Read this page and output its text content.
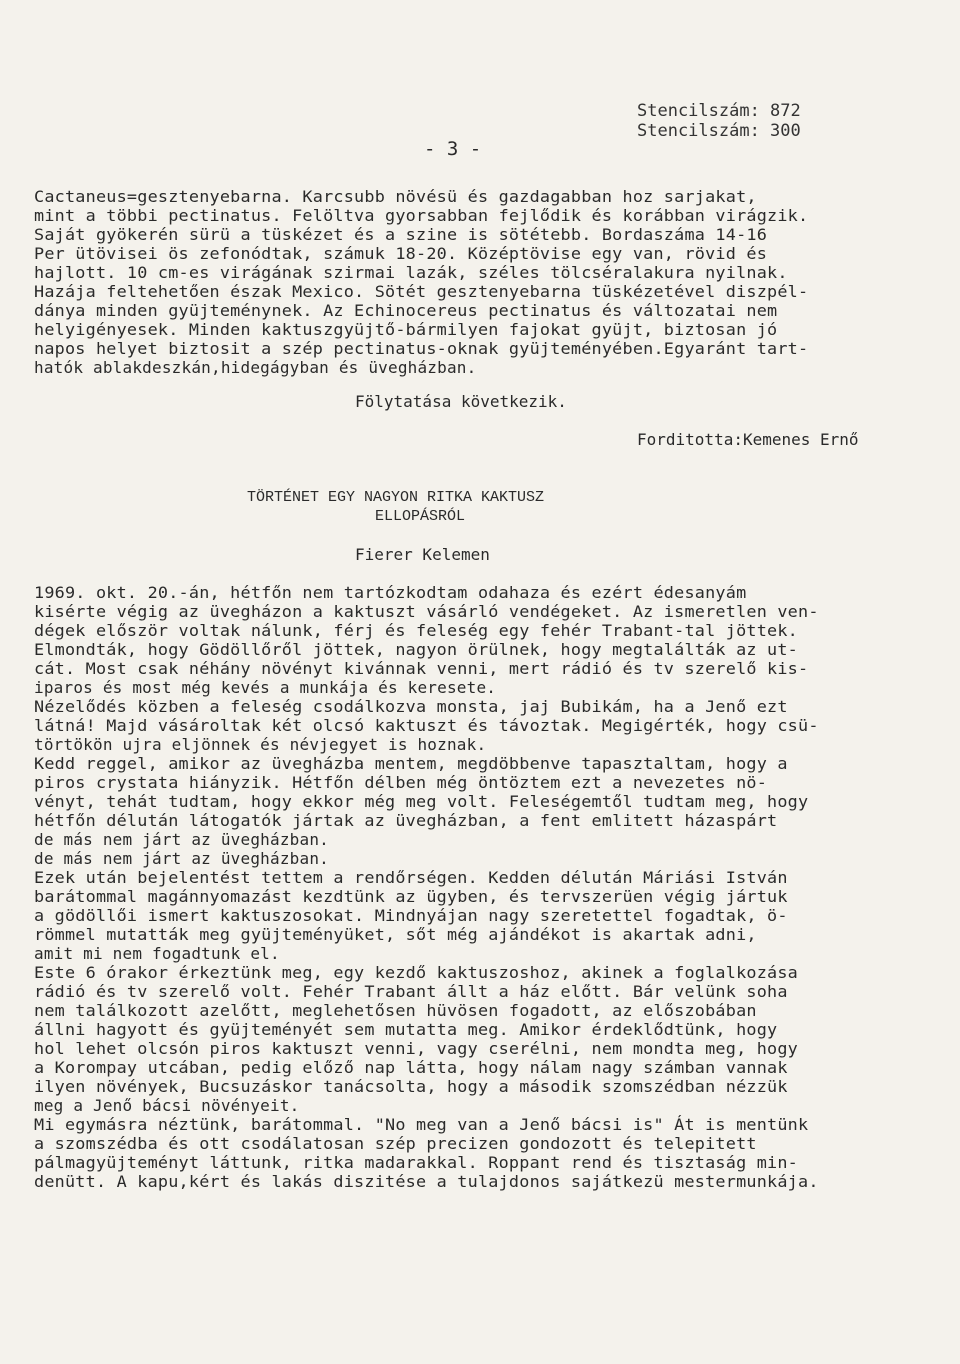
Stencilszám: 872
Stencilszám: 300
- 3 -
Cactaneus=gesztenyebarna. Karcsubb növésü és gazdagabban hoz sarjakat,
mint a többi pectinatus. Felöltva gyorsabban fejlődik és korábban virágzik.
Saját gyökerén sürü a tüskézet és a szine is sötétebb. Bordaszáma 14-16
Per ütövisei ös zefonódtak, számuk 18-20. Középtövise egy van, rövid és
hajlott. 10 cm-es virágának szirmai lazák, széles tölcséralakura nyilnak.
Hazája feltehetően észak Mexico. Sötét gesztenyebarna tüskézetével diszpél-
dánya minden gyüjteménynek. Az Echinocereus pectinatus és változatai nem
helyigényesek. Minden kaktuszgyüjtő-bármilyen fajokat gyüjt, biztosan jó
napos helyet biztosit a szép pectinatus-oknak gyüjteményében.Egyaránt tart-
hatók ablakdeszkán,hidegágyban és üvegházban.
Fölytatása következik.
Forditotta:Kemenes Ernő
TÖRTÉNET EGY NAGYON RITKA KAKTUSZ
ELLOPÁSRÓL
Fierer Kelemen
1969. okt. 20.-án, hétfőn nem tartózkodtam odahaza és ezért édesanyám
kisérte végig az üvegházon a kaktuszt vásárló vendégeket. Az ismeretlen ven-
dégek először voltak nálunk, férj és feleség egy fehér Trabant-tal jöttek.
Elmondták, hogy Gödöllőről jöttek, nagyon örülnek, hogy megtalálták az ut-
cát. Most csak néhány növényt kivánnak venni, mert rádió és tv szerelő kis-
iparos és most még kevés a munkája és keresete.
Nézelődés közben a feleség csodálkozva monsta, jaj Bubikám, ha a Jenő ezt
látná! Majd vásároltak két olcsó kaktuszt és távoztak. Megigérték, hogy csü-
törtökön ujra eljönnek és névjegyet is hoznak.
Kedd reggel, amikor az üvegházba mentem, megdöbbenve tapasztaltam, hogy a
piros crystata hiányzik. Hétfőn délben még öntöztem ezt a nevezetes nö-
vényt, tehát tudtam, hogy ekkor még meg volt. Feleségemtől tudtam meg, hogy
hétfőn délután látogatók jártak az üvegházban, a fent emlitett házaspárt
de más nem járt az üvegházban.
de más nem járt az üvegházban.
Ezek után bejelentést tettem a rendőrségen. Kedden délután Máriási István
barátommal magánnyomazást kezdtünk az ügyben, és tervszerüen végig jártuk
a gödöllői ismert kaktuszosokat. Mindnyájan nagy szeretettel fogadtak, ö-
römmel mutatták meg gyüjteményüket, sőt még ajándékot is akartak adni,
amit mi nem fogadtunk el.
Este 6 órakor érkeztünk meg, egy kezdő kaktuszoshoz, akinek a foglalkozása
rádió és tv szerelő volt. Fehér Trabant állt a ház előtt. Bár velünk soha
nem találkozott azelőtt, meglehetősen hüvösen fogadott, az előszobában
állni hagyott és gyüjteményét sem mutatta meg. Amikor érdeklődtünk, hogy
hol lehet olcsón piros kaktuszt venni, vagy cserélni, nem mondta meg, hogy
a Korompay utcában, pedig előző nap látta, hogy nálam nagy számban vannak
ilyen növények, Bucsuzáskor tanácsolta, hogy a második szomszédban nézzük
meg a Jenő bácsi növényeit.
Mi egymásra néztünk, barátommal. "No meg van a Jenő bácsi is" Át is mentünk
a szomszédba és ott csodálatosan szép precizen gondozott és telepitett
pálmagyüjteményt láttunk, ritka madarakkal. Roppant rend és tisztaság min-
denütt. A kapu,kért és lakás diszitése a tulajdonos sajátkezü mestermunkája.
